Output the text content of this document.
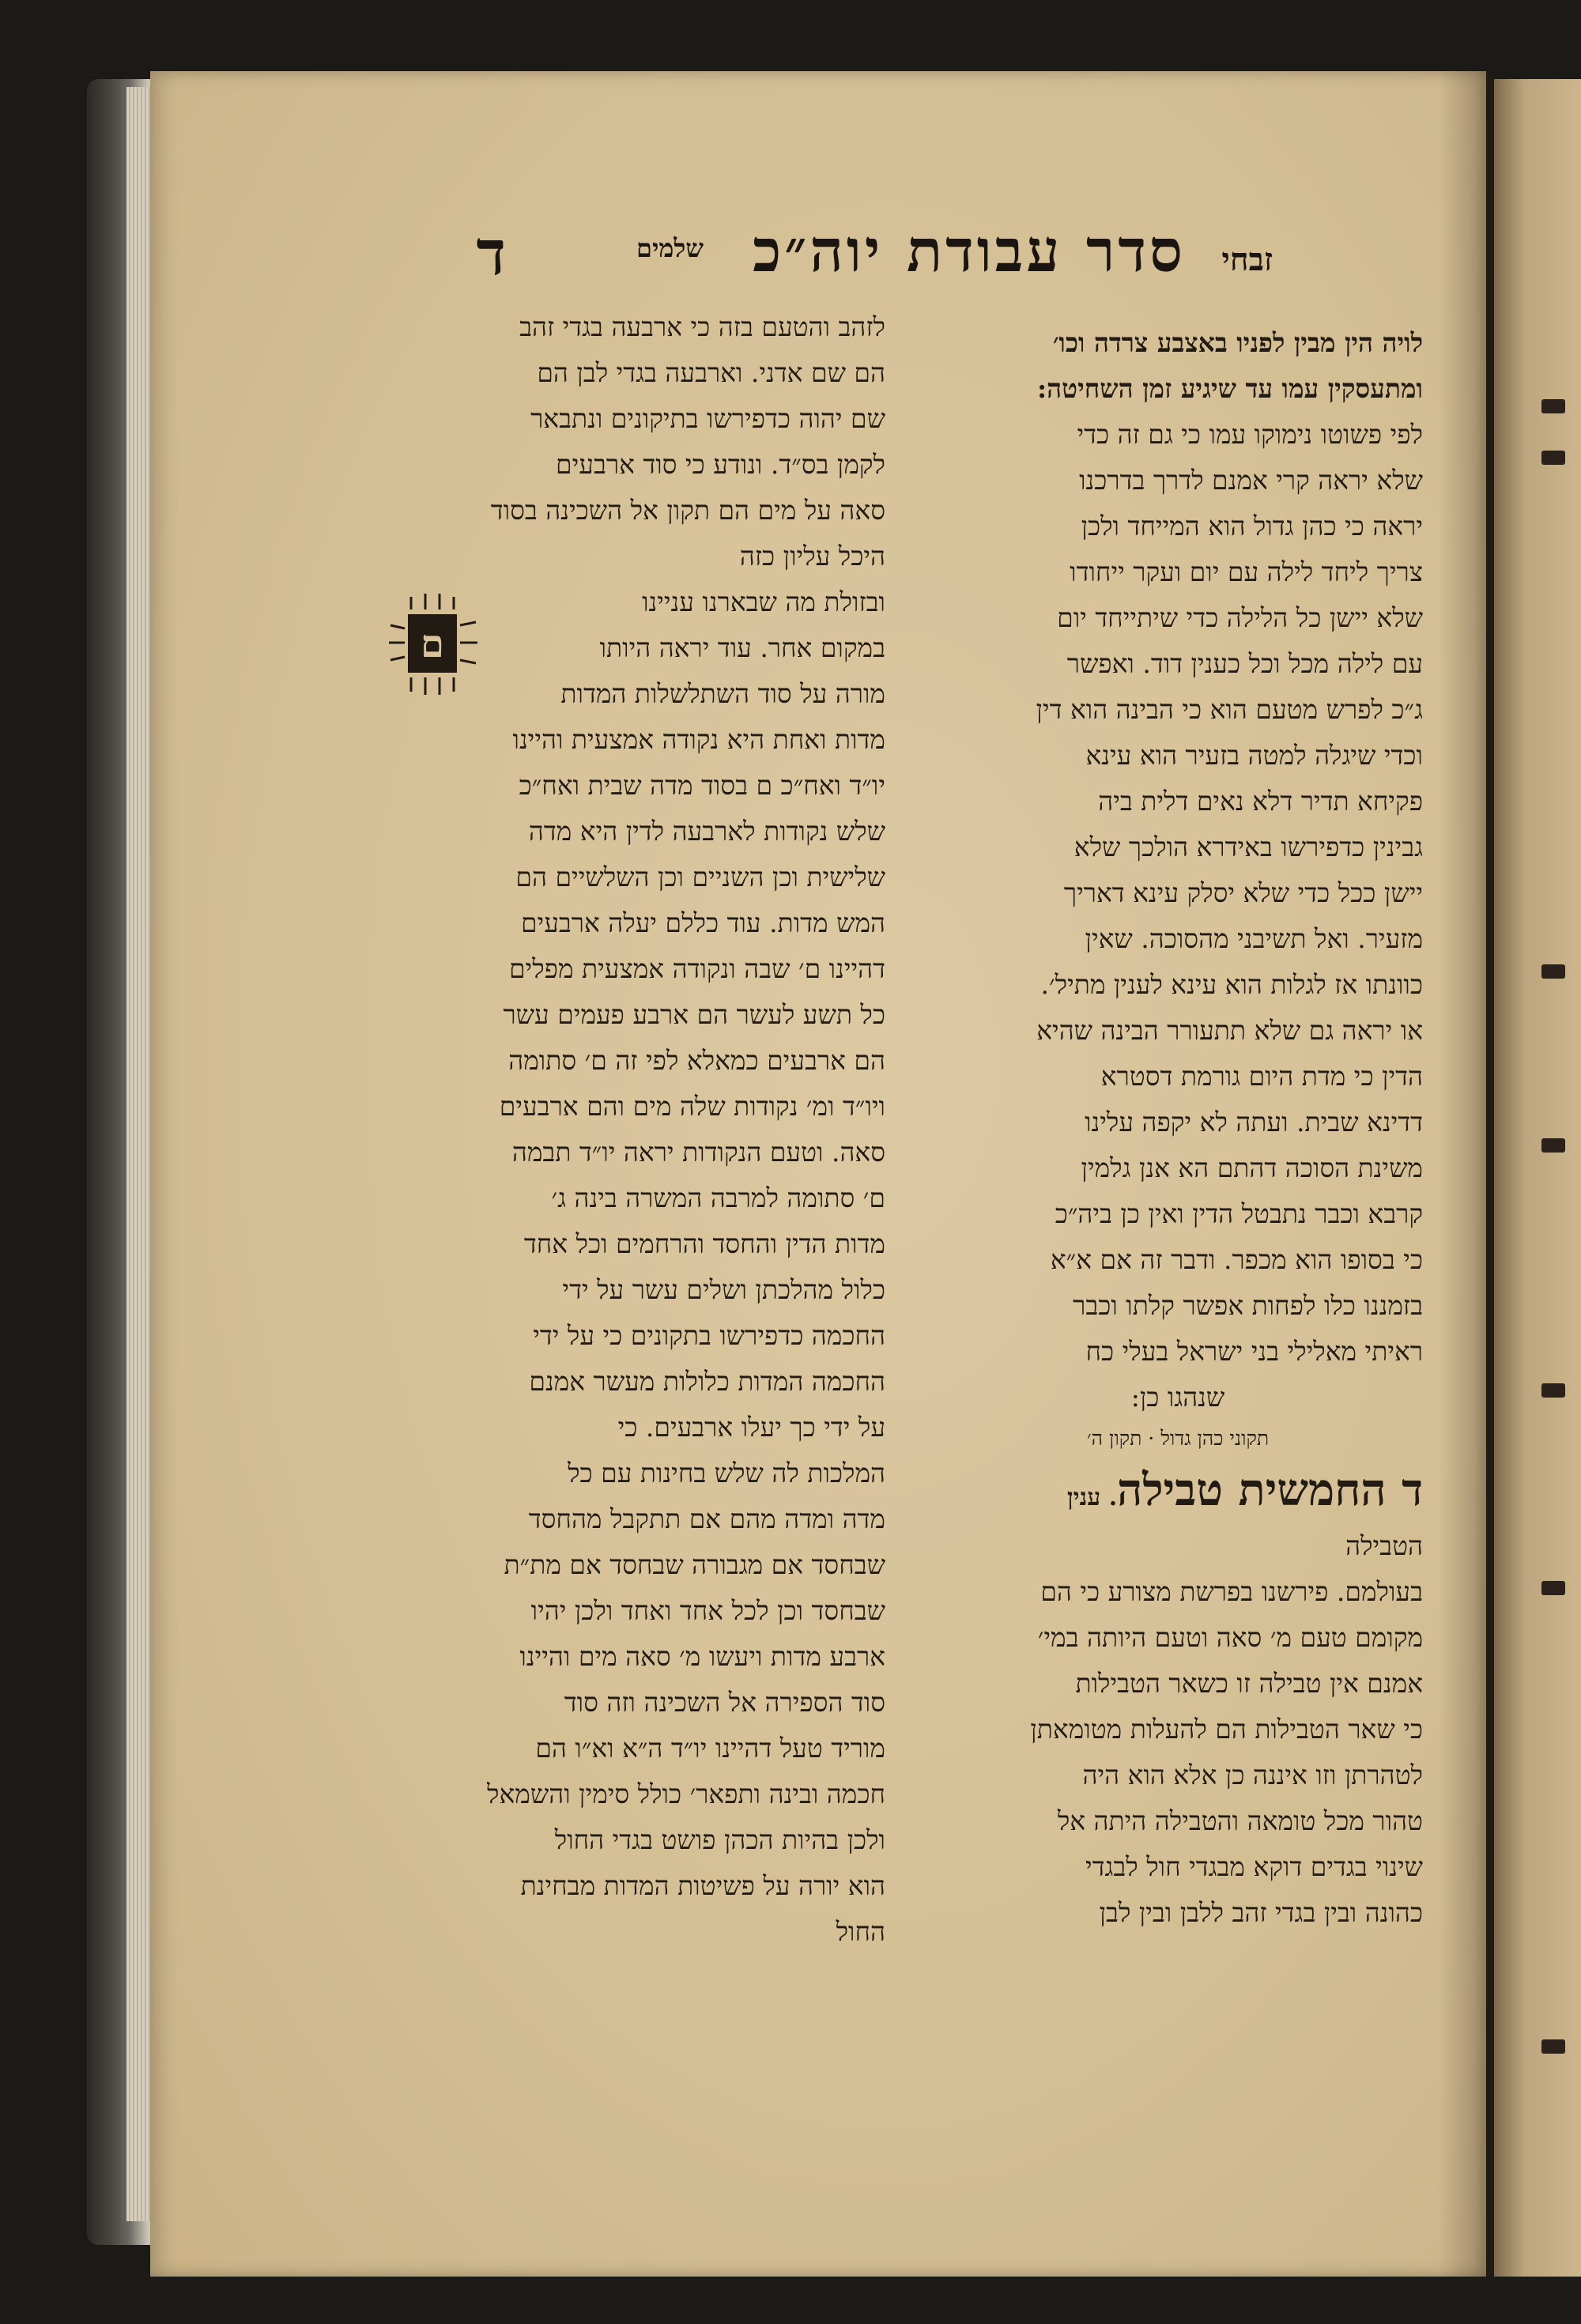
זבחי
סדר עבודת יוה״כ
שלמים
ד
לויה הין מבין לפניו באצבע צרדה וכו׳
ומתעסקין עמו עד שיגיע זמן השחיטה:
לפי פשוטו נימוקו עמו כי גם זה כדי
שלא יראה קרי אמנם לדרך בדרכנו
יראה כי כהן גדול הוא המייחד ולכן
צריך ליחד לילה עם יום ועקר ייחודו
שלא יישן כל הלילה כדי שיתייחד יום
עם לילה מכל וכל כענין דוד. ואפשר
ג״כ לפרש מטעם הוא כי הבינה הוא דין
וכדי שיגלה למטה בזעיר הוא עינא
פקיחא תדיר דלא נאים דלית ביה
גבינין כדפירשו באידרא הולכך שלא
יישן ככל כדי שלא יסלק עינא דאריך
מזעיר. ואל תשיבני מהסוכה. שאין
כוונתו אז לגלות הוא עינא לענין מתיל׳.
או יראה גם שלא תתעורר הבינה שהיא
הדין כי מדת היום גורמת דסטרא
דדינא שבית. ועתה לא יקפה עלינו
משינת הסוכה דהתם הא אנן גלמין
קרבא וכבר נתבטל הדין ואין כן ביה״כ
כי בסופו הוא מכפר. ודבר זה אם א״א
בזמננו כלו לפחות אפשר קלתו וכבר
ראיתי מאלילי בני ישראל בעלי כח
שנהגו כן:
תקוני כהן גדול · תקון ה׳
ד החמשית טבילה. ענין
הטבילה
בעולמם. פירשנו בפרשת מצורע כי הם
מקומם טעם מ׳ סאה וטעם היותה במי׳
אמנם אין טבילה זו כשאר הטבילות
כי שאר הטבילות הם להעלות מטומאתן
לטהרתן וזו איננה כן אלא הוא היה
טהור מכל טומאה והטבילה היתה אל
שינוי בגדים דוקא מבגדי חול לבגדי
כהונה ובין בגדי זהב ללבן ובין לבן
לזהב והטעם בזה כי ארבעה בגדי זהב
הם שם אדני. וארבעה בגדי לבן הם
שם יהוה כדפירשו בתיקונים ונתבאר
לקמן בס״ד. ונודע כי סוד ארבעים
סאה על מים הם תקון אל השכינה בסוד
היכל עליון כזה
ובזולת מה שבארנו עניינו
במקום אחר. עוד יראה היותו
מורה על סוד השתלשלות המדות
ם
מדות ואחת היא נקודה אמצעית והיינו
יו״ד ואח״כ ם בסוד מדה שבית ואח״כ
שלש נקודות לארבעה לדין היא מדה
שלישית וכן השניים וכן השלשיים הם
המש מדות. עוד כללם יעלה ארבעים
דהיינו ם׳ שבה ונקודה אמצעית מפלים
כל תשע לעשר הם ארבע פעמים עשר
הם ארבעים כמאלא לפי זה ם׳ סתומה
ויו״ד ומ׳ נקודות שלה מים והם ארבעים
סאה. וטעם הנקודות יראה יו״ד תבמה
ם׳ סתומה למרבה המשרה בינה ג׳
מדות הדין והחסד והרחמים וכל אחד
כלול מהלכתן ושלים עשר על ידי
החכמה כדפירשו בתקונים כי על ידי
החכמה המדות כלולות מעשר אמנם
על ידי כך יעלו ארבעים. כי
המלכות לה שלש בחינות עם כל
מדה ומדה מהם אם תתקבל מהחסד
שבחסד אם מגבורה שבחסד אם מת״ת
שבחסד וכן לכל אחד ואחד ולכן יהיו
ארבע מדות ויעשו מ׳ סאה מים והיינו
סוד הספירה אל השכינה וזה סוד
מוריד טעל דהיינו יו״ד ה״א וא״ו הם
חכמה ובינה ותפאר׳ כולל סימין והשמאל
ולכן בהיות הכהן פושט בגדי החול
הוא יורה על פשיטות המדות מבחינת
החול
